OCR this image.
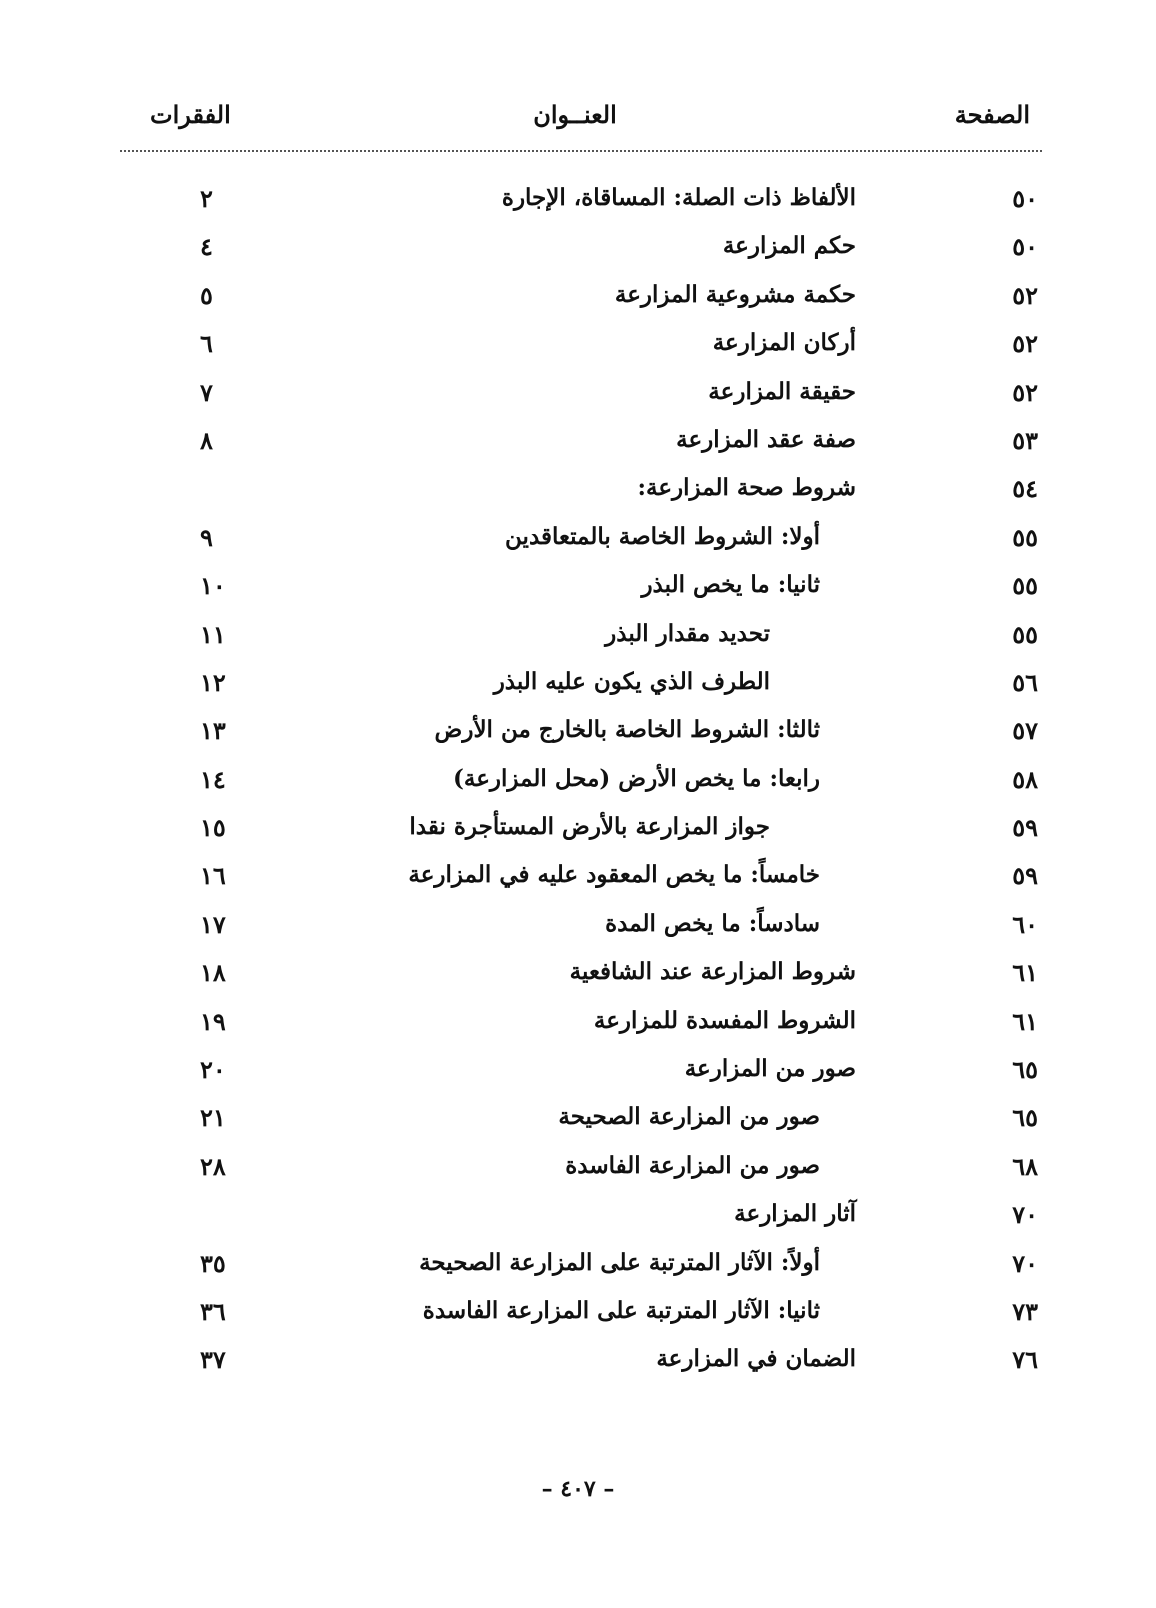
الصفحة
العنــوان
الفقرات
٥٠
الألفاظ ذات الصلة: المساقاة، الإجارة
٢
٥٠
حكم المزارعة
٤
٥٢
حكمة مشروعية المزارعة
٥
٥٢
أركان المزارعة
٦
٥٢
حقيقة المزارعة
٧
٥٣
صفة عقد المزارعة
٨
٥٤
شروط صحة المزارعة:
٥٥
أولا: الشروط الخاصة بالمتعاقدين
٩
٥٥
ثانيا: ما يخص البذر
١٠
٥٥
تحديد مقدار البذر
١١
٥٦
الطرف الذي يكون عليه البذر
١٢
٥٧
ثالثا: الشروط الخاصة بالخارج من الأرض
١٣
٥٨
رابعا: ما يخص الأرض (محل المزارعة)
١٤
٥٩
جواز المزارعة بالأرض المستأجرة نقدا
١٥
٥٩
خامساً: ما يخص المعقود عليه في المزارعة
١٦
٦٠
سادساً: ما يخص المدة
١٧
٦١
شروط المزارعة عند الشافعية
١٨
٦١
الشروط المفسدة للمزارعة
١٩
٦٥
صور من المزارعة
٢٠
٦٥
صور من المزارعة الصحيحة
٢١
٦٨
صور من المزارعة الفاسدة
٢٨
٧٠
آثار المزارعة
٧٠
أولاً: الآثار المترتبة على المزارعة الصحيحة
٣٥
٧٣
ثانيا: الآثار المترتبة على المزارعة الفاسدة
٣٦
٧٦
الضمان في المزارعة
٣٧
– ٤٠٧ –
